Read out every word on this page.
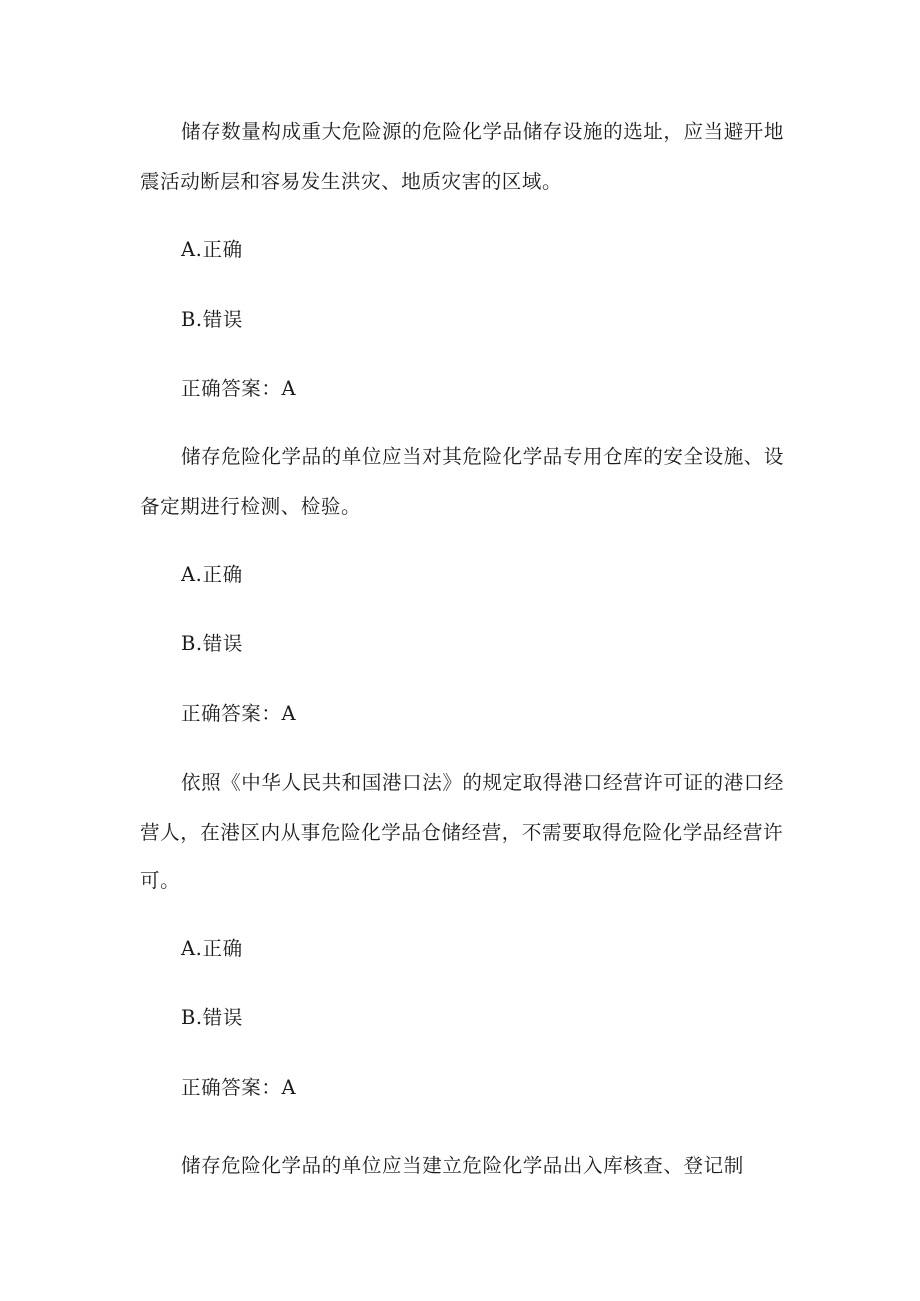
储存数量构成重大危险源的危险化学品储存设施的选址，应当避开地
震活动断层和容易发生洪灾、地质灾害的区域。
A.正确
B.错误
正确答案：A
储存危险化学品的单位应当对其危险化学品专用仓库的安全设施、设
备定期进行检测、检验。
A.正确
B.错误
正确答案：A
依照《中华人民共和国港口法》的规定取得港口经营许可证的港口经
营人，在港区内从事危险化学品仓储经营，不需要取得危险化学品经营许
可。
A.正确
B.错误
正确答案：A
储存危险化学品的单位应当建立危险化学品出入库核查、登记制
